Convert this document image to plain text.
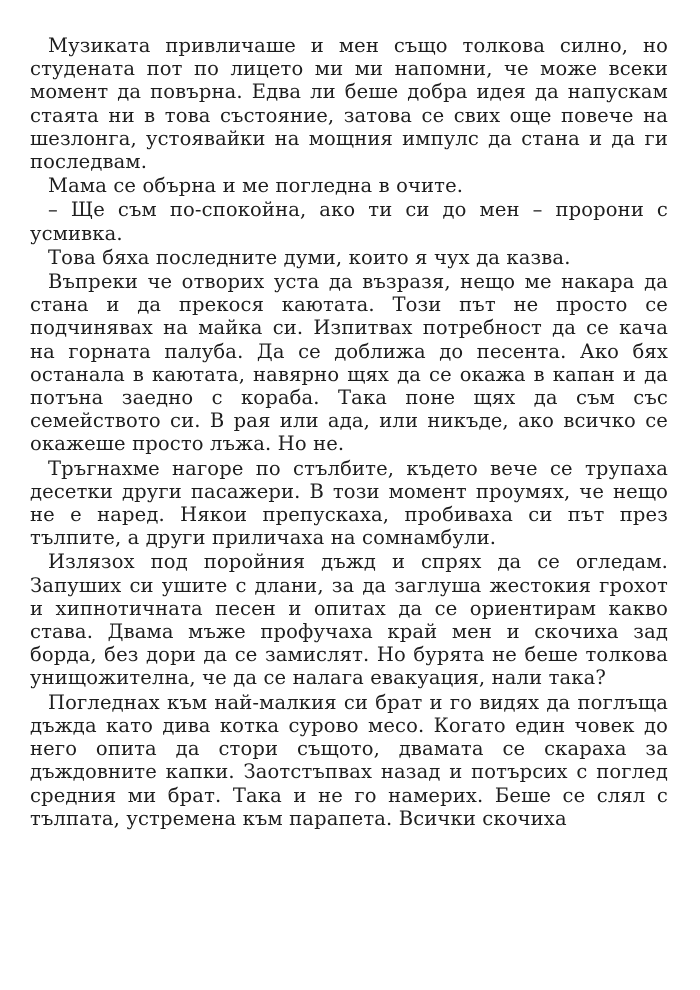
Музиката привличаше и мен също толкова силно, но студената пот по лицето ми ми напомни, че може всеки момент да повърна. Едва ли беше добра идея да напускам стаята ни в това състояние, затова се свих още повече на шезлонга, устоявайки на мощния импулс да стана и да ги последвам.

Мама се обърна и ме погледна в очите.

– Ще съм по-спокойна, ако ти си до мен – пророни с усмивка.

Това бяха последните думи, които я чух да казва.

Въпреки че отворих уста да възразя, нещо ме накара да стана и да прекося каютата. Този път не просто се подчинявах на майка си. Изпитвах потребност да се кача на горната палуба. Да се доближа до песента. Ако бях останала в каютата, навярно щях да се окажа в капан и да потъна заедно с кораба. Така поне щях да съм със семейството си. В рая или ада, или никъде, ако всичко се окажеше просто лъжа. Но не.

Тръгнахме нагоре по стълбите, където вече се трупаха десетки други пасажери. В този момент проумях, че нещо не е наред. Някои препускаха, пробиваха си път през тълпите, а други приличаха на сомнамбули.

Излязох под поройния дъжд и спрях да се огледам. Запуших си ушите с длани, за да заглуша жестокия грохот и хипнотичната песен и опитах да се ориентирам какво става. Двама мъже профучаха край мен и скочиха зад борда, без дори да се замислят. Но бурята не беше толкова унищожителна, че да се налага евакуация, нали така?

Погледнах към най-малкия си брат и го видях да поглъща дъжда като дива котка сурово месо. Когато един човек до него опита да стори същото, двамата се скараха за дъждовните капки. Заотстъпвах назад и потърсих с поглед средния ми брат. Така и не го намерих. Беше се слял с тълпата, устремена към парапета. Всички скочиха
